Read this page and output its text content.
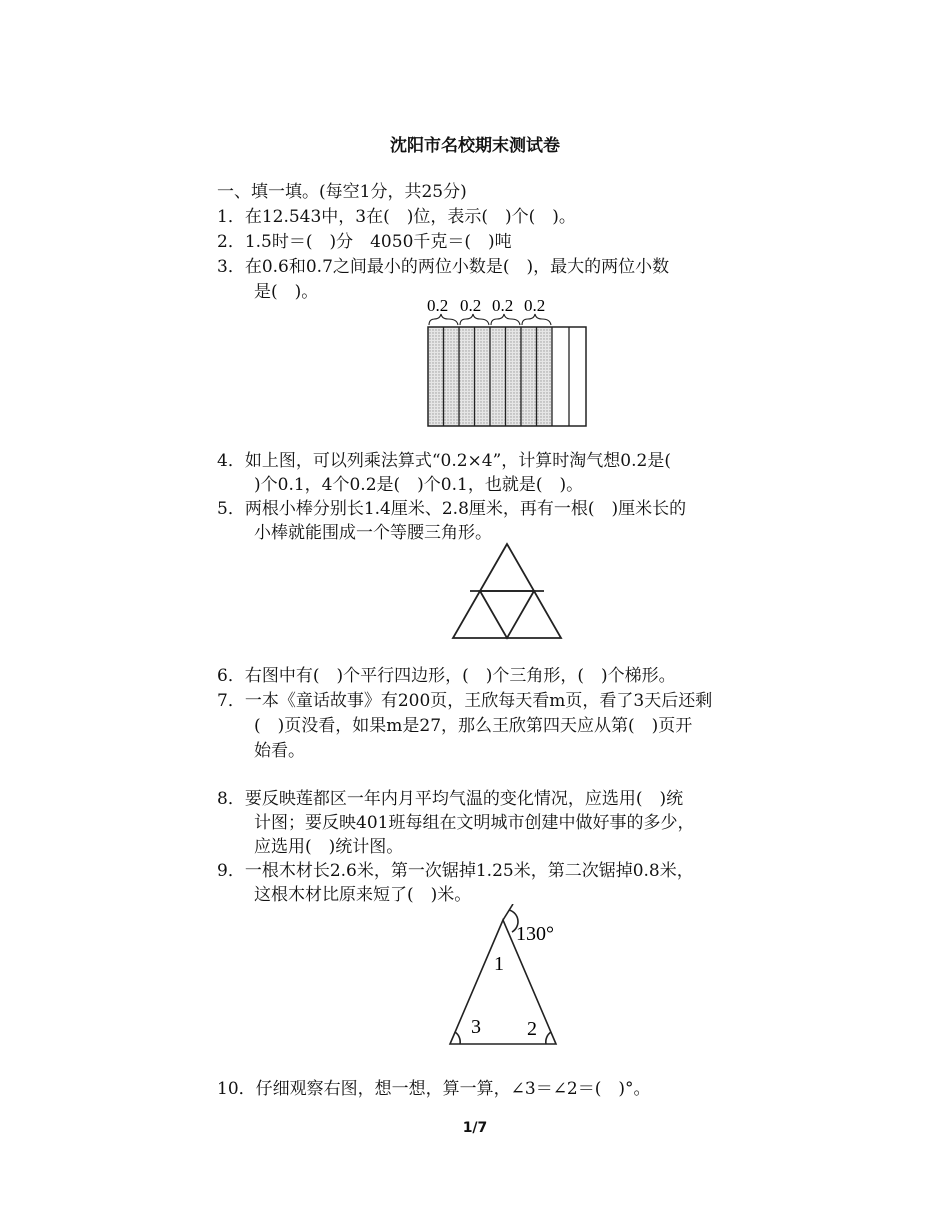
沈阳市名校期末测试卷
一、填一填。(每空1分，共25分)
1．在12.543中，3在(　)位，表示(　)个(　)。
2．1.5时＝(　)分　4050千克＝(　)吨
3．在0.6和0.7之间最小的两位小数是(　)，最大的两位小数
是(　)。
0.2 0.2 0.2 0.2
4．如上图，可以列乘法算式“0.2×4”，计算时淘气想0.2是(
)个0.1，4个0.2是(　)个0.1，也就是(　)。
5．两根小棒分别长1.4厘米、2.8厘米，再有一根(　)厘米长的
小棒就能围成一个等腰三角形。
6．右图中有(　)个平行四边形，(　)个三角形，(　)个梯形。
7．一本《童话故事》有200页，王欣每天看m页，看了3天后还剩
(　)页没看，如果m是27，那么王欣第四天应从第(　)页开
始看。
8．要反映莲都区一年内月平均气温的变化情况，应选用(　)统
计图；要反映401班每组在文明城市创建中做好事的多少，
应选用(　)统计图。
9．一根木材长2.6米，第一次锯掉1.25米，第二次锯掉0.8米，
这根木材比原来短了(　)米。
130°
1
2
3
10．仔细观察右图，想一想，算一算，∠3＝∠2＝(　)°。
1/7
